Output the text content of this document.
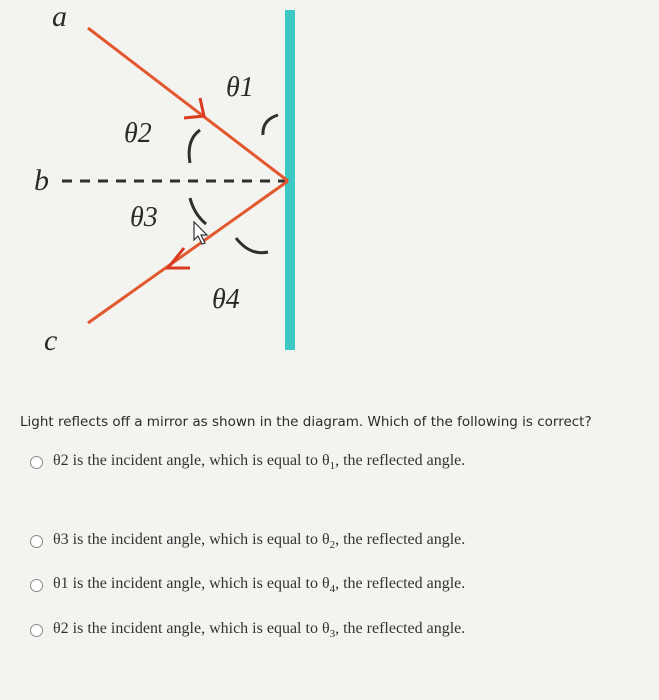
a
b
c
θ1
θ2
θ3
θ4
Light reflects off a mirror as shown in the diagram. Which of the following is correct?
θ2 is the incident angle, which is equal to $\theta_1$, the reflected angle.
θ3 is the incident angle, which is equal to $\theta_2$, the reflected angle.
θ1 is the incident angle, which is equal to $\theta_4$, the reflected angle.
θ2 is the incident angle, which is equal to $\theta_3$, the reflected angle.
